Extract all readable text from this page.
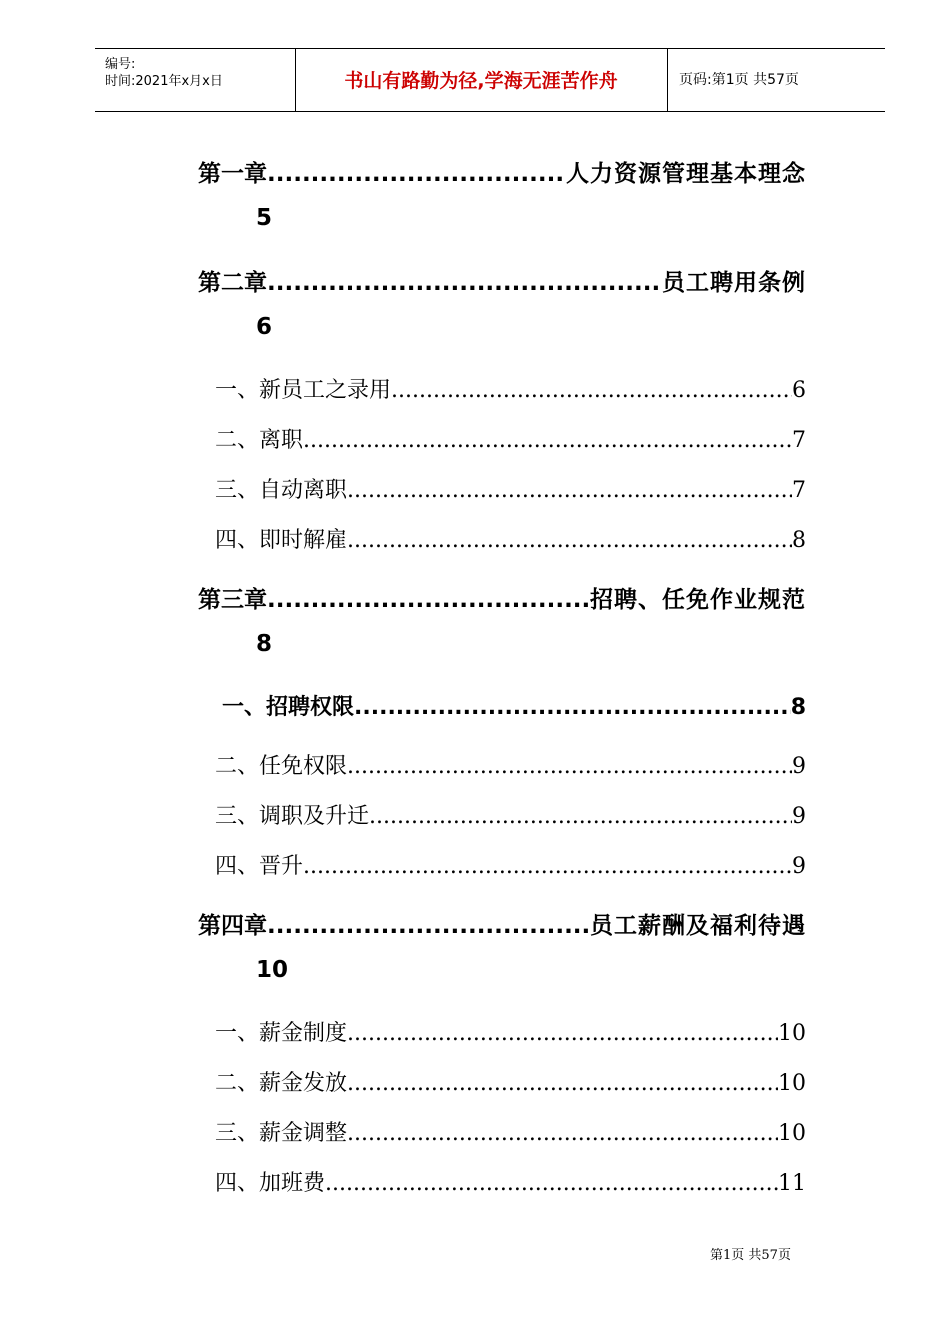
编号:
时间:2021年x月x日	书山有路勤为径,学海无涯苦作舟	页码:第1页 共57页
第一章 .....	人力资源管理基本理念
5
第二章 .....	员工聘用条例
6
一、新员工之录用 .....	6
二、离职 .....	7
三、自动离职 .....	7
四、即时解雇 .....	8
第三章 .....	招聘、任免作业规范
8
一、招聘权限 .....	8
二、任免权限 .....	9
三、调职及升迁 .....	9
四、晋升 .....	9
第四章 .....	员工薪酬及福利待遇
10
一、薪金制度 .....	10
二、薪金发放 .....	10
三、薪金调整 .....	10
四、加班费 .....	11
第1页 共57页
